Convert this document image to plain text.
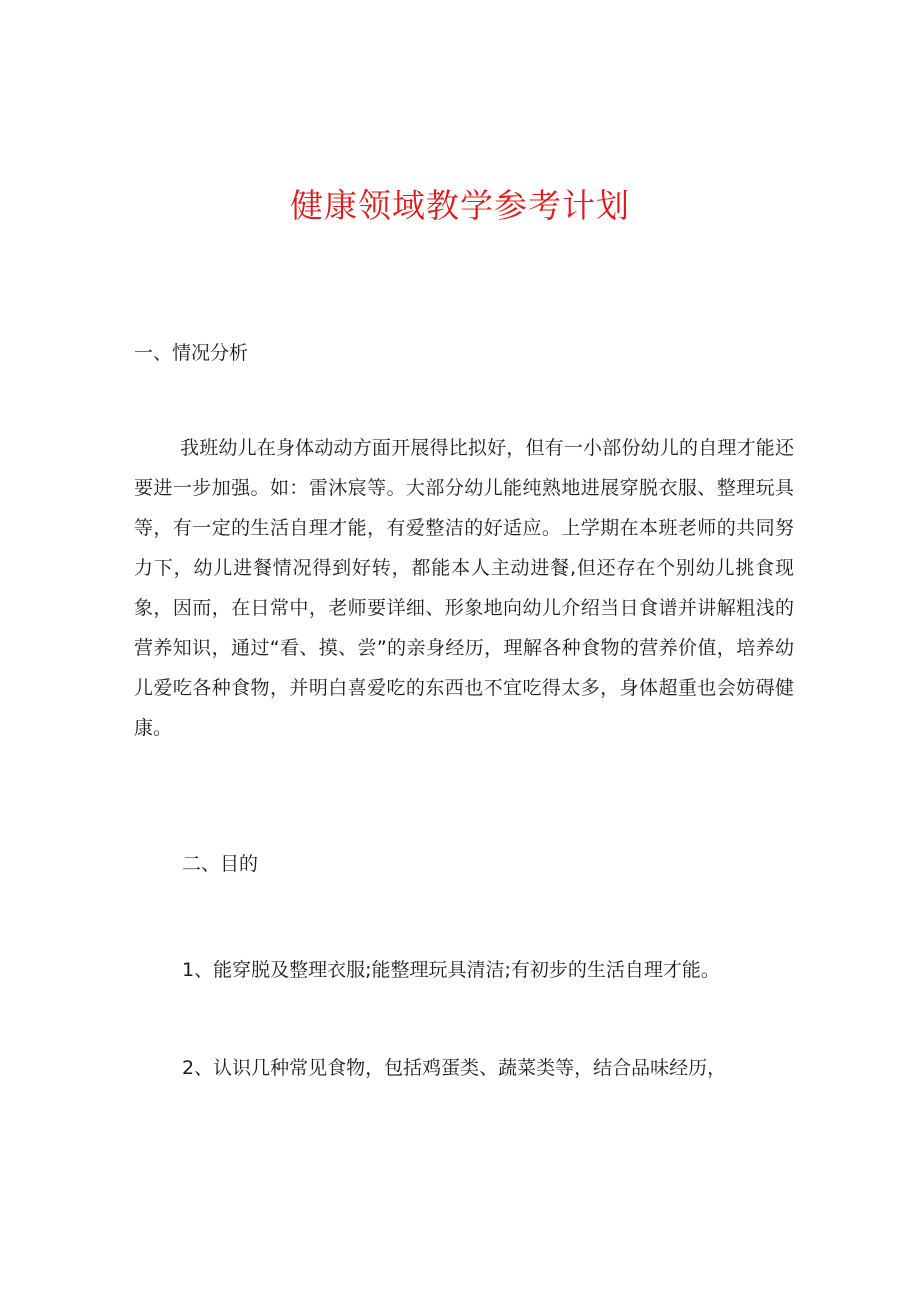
健康领域教学参考计划
一、情况分析

我班幼儿在身体动动方面开展得比拟好，但有一小部份幼儿的自理才能还要进一步加强。如：雷沐宸等。大部分幼儿能纯熟地进展穿脱衣服、整理玩具等，有一定的生活自理才能，有爱整洁的好适应。上学期在本班老师的共同努力下，幼儿进餐情况得到好转，都能本人主动进餐,但还存在个别幼儿挑食现象，因而，在日常中，老师要详细、形象地向幼儿介绍当日食谱并讲解粗浅的营养知识，通过“看、摸、尝”的亲身经历，理解各种食物的营养价值，培养幼儿爱吃各种食物，并明白喜爱吃的东西也不宜吃得太多，身体超重也会妨碍健康。

二、目的

1、能穿脱及整理衣服;能整理玩具清洁;有初步的生活自理才能。

2、认识几种常见食物，包括鸡蛋类、蔬菜类等，结合品味经历，
